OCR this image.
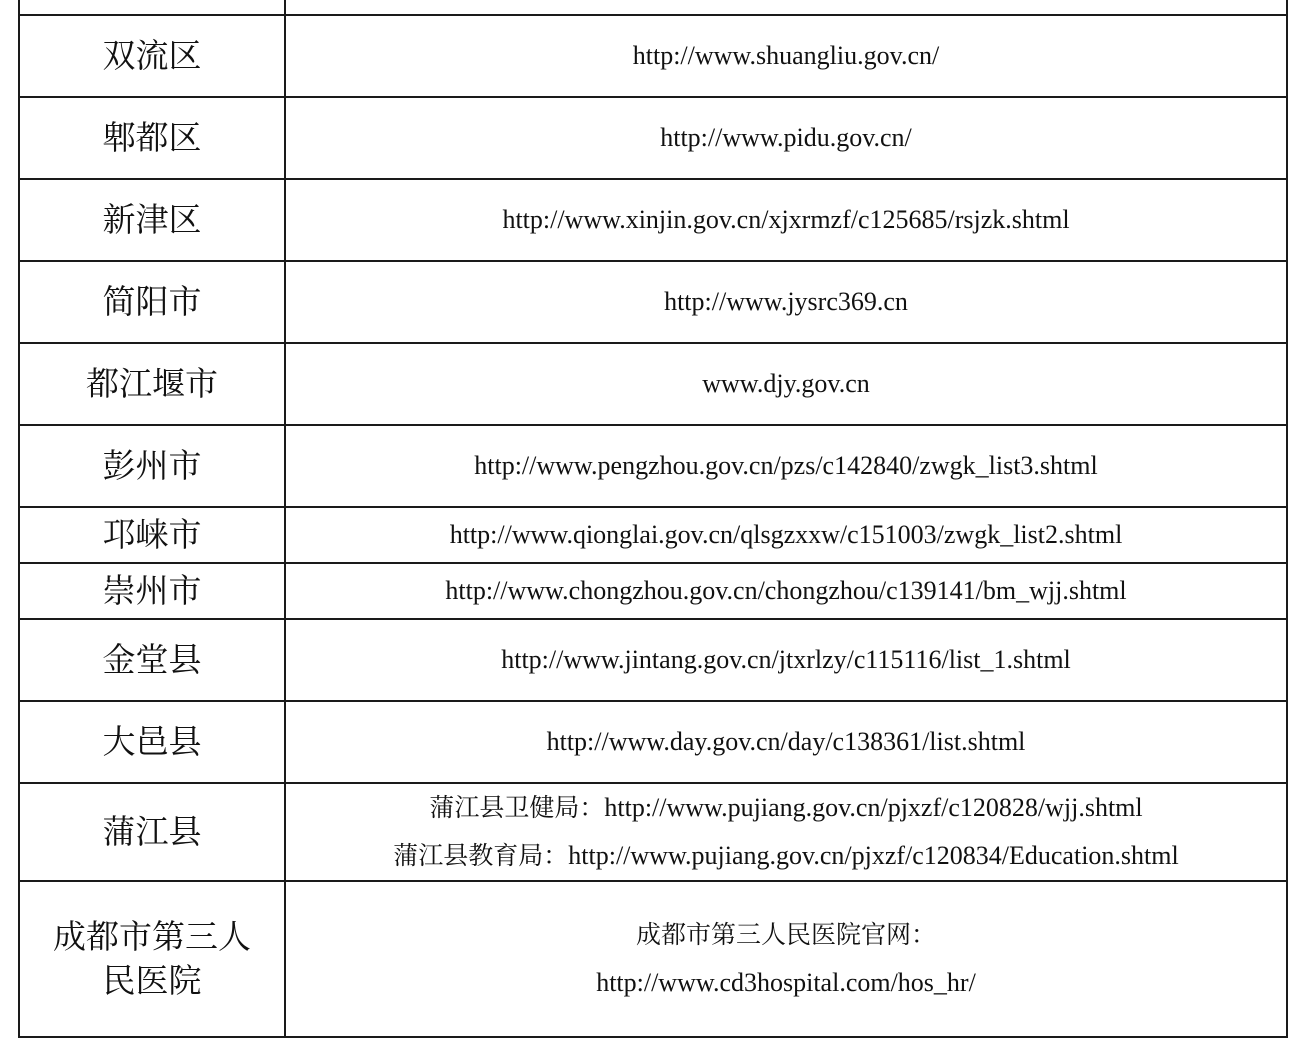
双流区	http://www.shuangliu.gov.cn/
郫都区	http://www.pidu.gov.cn/
新津区	http://www.xinjin.gov.cn/xjxrmzf/c125685/rsjzk.shtml
简阳市	http://www.jysrc369.cn
都江堰市	www.djy.gov.cn
彭州市	http://www.pengzhou.gov.cn/pzs/c142840/zwgk_list3.shtml
邛崃市	http://www.qionglai.gov.cn/qlsgzxxw/c151003/zwgk_list2.shtml
崇州市	http://www.chongzhou.gov.cn/chongzhou/c139141/bm_wjj.shtml
金堂县	http://www.jintang.gov.cn/jtxrlzy/c115116/list_1.shtml
大邑县	http://www.day.gov.cn/day/c138361/list.shtml
蒲江县	蒲江县卫健局：http://www.pujiang.gov.cn/pjxzf/c120828/wjj.shtml
蒲江县教育局：http://www.pujiang.gov.cn/pjxzf/c120834/Education.shtml

成都市第三人
民医院	成都市第三人民医院官网：
http://www.cd3hospital.com/hos_hr/
